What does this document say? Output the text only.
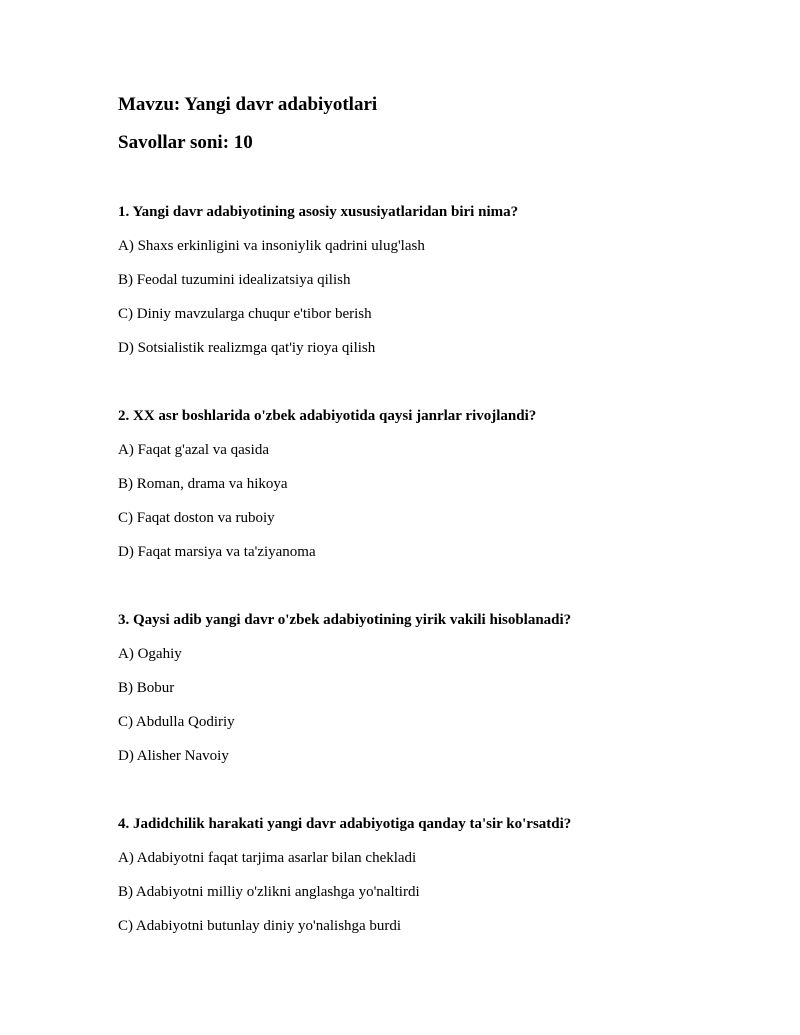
Mavzu: Yangi davr adabiyotlari
Savollar soni: 10

1. Yangi davr adabiyotining asosiy xususiyatlaridan biri nima?

A) Shaxs erkinligini va insoniylik qadrini ulug'lash
B) Feodal tuzumini idealizatsiya qilish
C) Diniy mavzularga chuqur e'tibor berish
D) Sotsialistik realizmga qat'iy rioya qilish

2. XX asr boshlarida o'zbek adabiyotida qaysi janrlar rivojlandi?

A) Faqat g'azal va qasida
B) Roman, drama va hikoya
C) Faqat doston va ruboiy
D) Faqat marsiya va ta'ziyanoma

3. Qaysi adib yangi davr o'zbek adabiyotining yirik vakili hisoblanadi?

A) Ogahiy
B) Bobur
C) Abdulla Qodiriy
D) Alisher Navoiy

4. Jadidchilik harakati yangi davr adabiyotiga qanday ta'sir ko'rsatdi?

A) Adabiyotni faqat tarjima asarlar bilan chekladi
B) Adabiyotni milliy o'zlikni anglashga yo'naltirdi
C) Adabiyotni butunlay diniy yo'nalishga burdi
